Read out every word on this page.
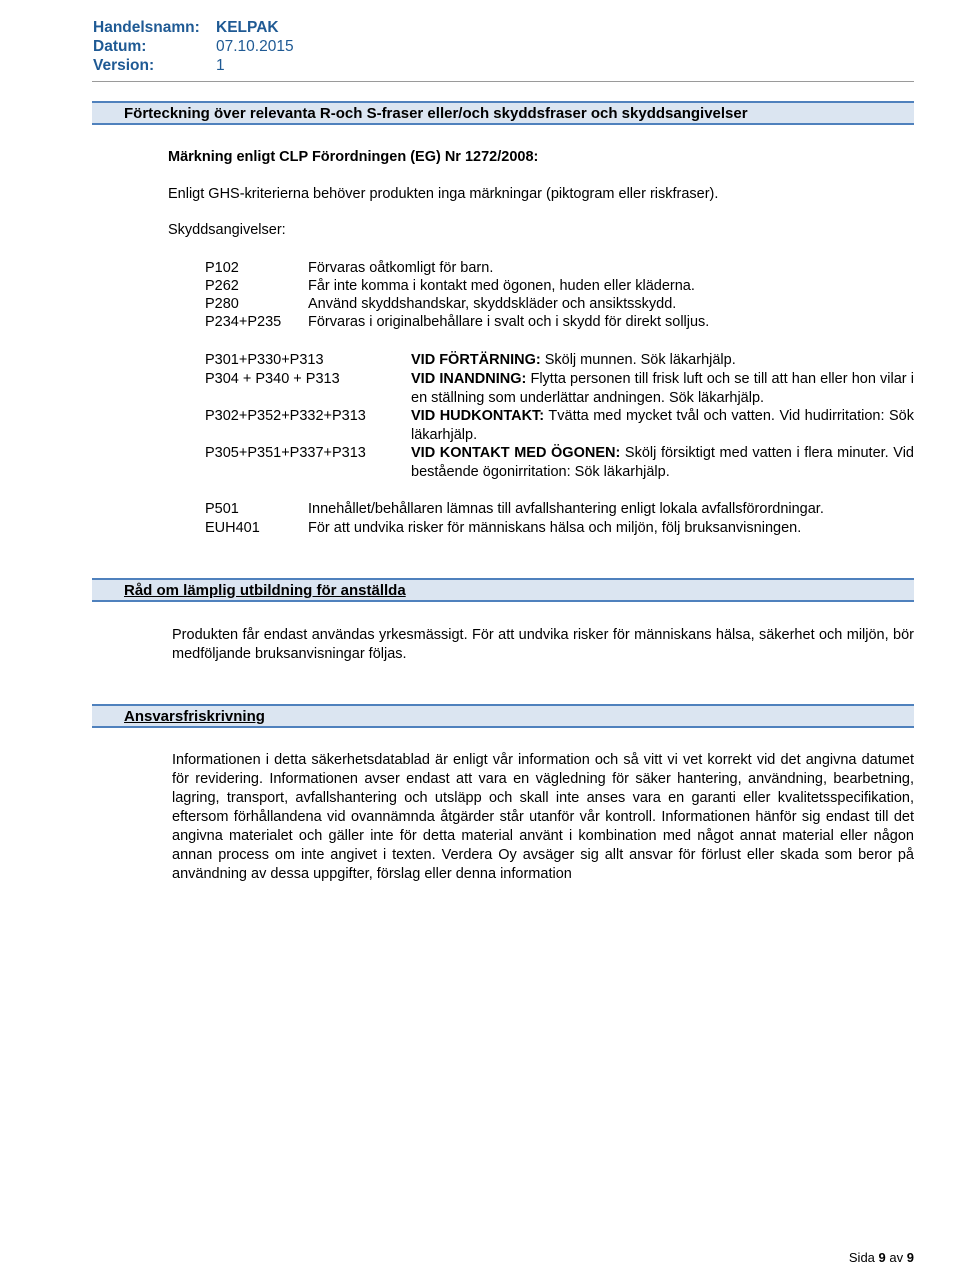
Handelsnamn: KELPAK
Datum:	07.10.2015
Version:	1
Förteckning över relevanta R-och S-fraser eller/och skyddsfraser och skyddsangivelser
Märkning enligt CLP Förordningen (EG) Nr 1272/2008:
Enligt GHS-kriterierna behöver produkten inga märkningar (piktogram eller riskfraser).
Skyddsangivelser:
P102	Förvaras oåtkomligt för barn.
P262	Får inte komma i kontakt med ögonen, huden eller kläderna.
P280	Använd skyddshandskar, skyddskläder och ansiktsskydd.
P234+P235 Förvaras i originalbehållare i svalt och i skydd för direkt solljus.
P301+P330+P313	VID FÖRTÄRNING: Skölj munnen. Sök läkarhjälp.
P304 + P340 + P313	VID INANDNING: Flytta personen till frisk luft och se till att han eller hon vilar i en ställning som underlättar andningen. Sök läkarhjälp.
P302+P352+P332+P313	VID HUDKONTAKT: Tvätta med mycket tvål och vatten. Vid hudirritation: Sök läkarhjälp.
P305+P351+P337+P313	VID KONTAKT MED ÖGONEN: Skölj försiktigt med vatten i flera minuter. Vid bestående ögonirritation: Sök läkarhjälp.
P501	Innehållet/behållaren lämnas till avfallshantering enligt lokala avfallsförordningar.
EUH401	För att undvika risker för människans hälsa och miljön, följ bruksanvisningen.
Råd om lämplig utbildning för anställda
Produkten får endast användas yrkesmässigt. För att undvika risker för människans hälsa, säkerhet och miljön, bör medföljande bruksanvisningar följas.
Ansvarsfriskrivning
Informationen i detta säkerhetsdatablad är enligt vår information och så vitt vi vet korrekt vid det angivna datumet för revidering. Informationen avser endast att vara en vägledning för säker hantering, användning, bearbetning, lagring, transport, avfallshantering och utsläpp och skall inte anses vara en garanti eller kvalitetsspecifikation, eftersom förhållandena vid ovannämnda åtgärder står utanför vår kontroll. Informationen hänför sig endast till det angivna materialet och gäller inte för detta material använt i kombination med något annat material eller någon annan process om inte angivet i texten. Verdera Oy avsäger sig allt ansvar för förlust eller skada som beror på användning av dessa uppgifter, förslag eller denna information
Sida 9 av 9
